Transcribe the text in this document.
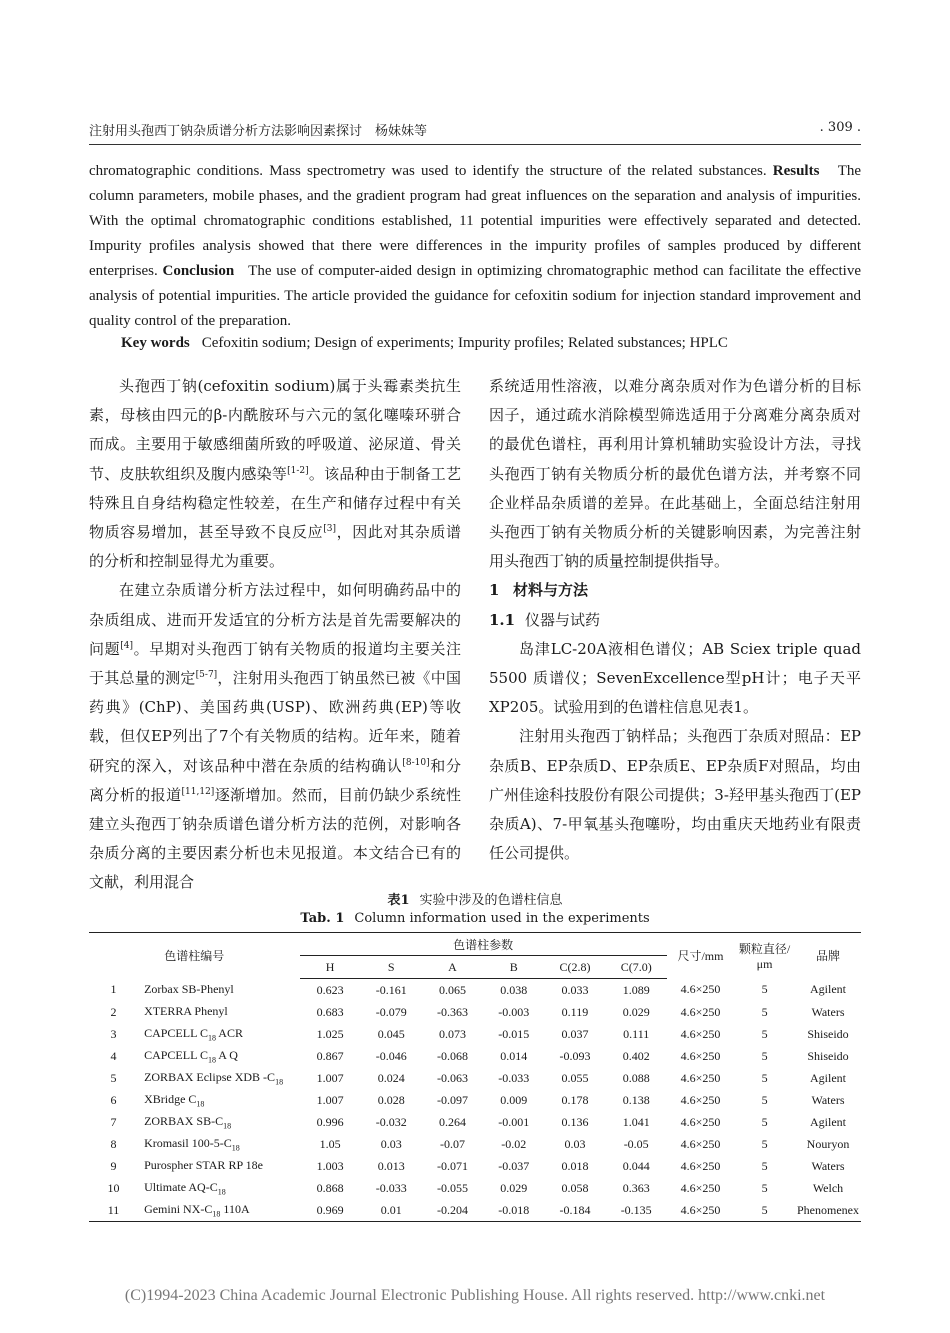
注射用头孢西丁钠杂质谱分析方法影响因素探讨　杨妹妹等	. 309 .

chromatographic conditions. Mass spectrometry was used to identify the structure of the related substances. Results The column parameters, mobile phases, and the gradient program had great influences on the separation and analysis of impurities. With the optimal chromatographic conditions established, 11 potential impurities were effectively separated and detected. Impurity profiles analysis showed that there were differences in the impurity profiles of samples produced by different enterprises. Conclusion The use of computer-aided design in optimizing chromatographic method can facilitate the effective analysis of potential impurities. The article provided the guidance for cefoxitin sodium for injection standard improvement and quality control of the preparation.

Key words Cefoxitin sodium; Design of experiments; Impurity profiles; Related substances; HPLC

头孢西丁钠(cefoxitin sodium)属于头霉素类抗生素，母核由四元的β-内酰胺环与六元的氢化噻嗪环骈合而成。主要用于敏感细菌所致的呼吸道、泌尿道、骨关节、皮肤软组织及腹内感染等[1-2]。该品种由于制备工艺特殊且自身结构稳定性较差，在生产和储存过程中有关物质容易增加，甚至导致不良反应[3]，因此对其杂质谱的分析和控制显得尤为重要。

在建立杂质谱分析方法过程中，如何明确药品中的杂质组成、进而开发适宜的分析方法是首先需要解决的问题[4]。早期对头孢西丁钠有关物质的报道均主要关注于其总量的测定[5-7]，注射用头孢西丁钠虽然已被《中国药典》(ChP)、美国药典(USP)、欧洲药典(EP)等收载，但仅EP列出了7个有关物质的结构。近年来，随着研究的深入，对该品种中潜在杂质的结构确认[8-10]和分离分析的报道[11,12]逐渐增加。然而，目前仍缺少系统性建立头孢西丁钠杂质谱色谱分析方法的范例，对影响各杂质分离的主要因素分析也未见报道。本文结合已有的文献，利用混合

系统适用性溶液，以难分离杂质对作为色谱分析的目标因子，通过疏水消除模型筛选适用于分离难分离杂质对的最优色谱柱，再利用计算机辅助实验设计方法，寻找头孢西丁钠有关物质分析的最优色谱方法，并考察不同企业样品杂质谱的差异。在此基础上，全面总结注射用头孢西丁钠有关物质分析的关键影响因素，为完善注射用头孢西丁钠的质量控制提供指导。

1 材料与方法

1.1 仪器与试药

岛津LC-20A液相色谱仪；AB Sciex triple quad 5500 质谱仪；SevenExcellence型pH计；电子天平XP205。试验用到的色谱柱信息见表1。

注射用头孢西丁钠样品；头孢西丁杂质对照品：EP杂质B、EP杂质D、EP杂质E、EP杂质F对照品，均由广州佳途科技股份有限公司提供；3-羟甲基头孢西丁(EP杂质A)、7-甲氧基头孢噻吩，均由重庆天地药业有限责任公司提供。

表1 实验中涉及的色谱柱信息
Tab. 1 Column information used in the experiments
色谱柱编号		色谱柱参数						尺寸/mm	颗粒直径/μm	品牌
		H	S	A	B	C(2.8)	C(7.0)			
1	Zorbax SB-Phenyl	0.623	-0.161	0.065	0.038	0.033	1.089	4.6×250	5	Agilent
2	XTERRA Phenyl	0.683	-0.079	-0.363	-0.003	0.119	0.029	4.6×250	5	Waters
3	CAPCELL $C_{18}$ ACR	1.025	0.045	0.073	-0.015	0.037	0.111	4.6×250	5	Shiseido
4	CAPCELL $C_{18}$ A Q	0.867	-0.046	-0.068	0.014	-0.093	0.402	4.6×250	5	Shiseido
5	ZORBAX Eclipse XDB $-C_{18}$	1.007	0.024	-0.063	-0.033	0.055	0.088	4.6×250	5	Agilent
6	XBridge $C_{18}$	1.007	0.028	-0.097	0.009	0.178	0.138	4.6×250	5	Waters
7	ZORBAX $SB-C_{18}$	0.996	-0.032	0.264	-0.001	0.136	1.041	4.6×250	5	Agilent
8	Kromasil $100-5-C_{18}$	1.05	0.03	-0.07	-0.02	0.03	-0.05	4.6×250	5	Nouryon
9	Purospher STAR RP 18e	1.003	0.013	-0.071	-0.037	0.018	0.044	4.6×250	5	Waters
10	Ultimate $AQ-C_{18}$	0.868	-0.033	-0.055	0.029	0.058	0.363	4.6×250	5	Welch
11	Gemini $NX-C_{18}$ 110A	0.969	0.01	-0.204	-0.018	-0.184	-0.135	4.6×250	5	Phenomenex
(C)1994-2023 China Academic Journal Electronic Publishing House. All rights reserved. http://www.cnki.net
